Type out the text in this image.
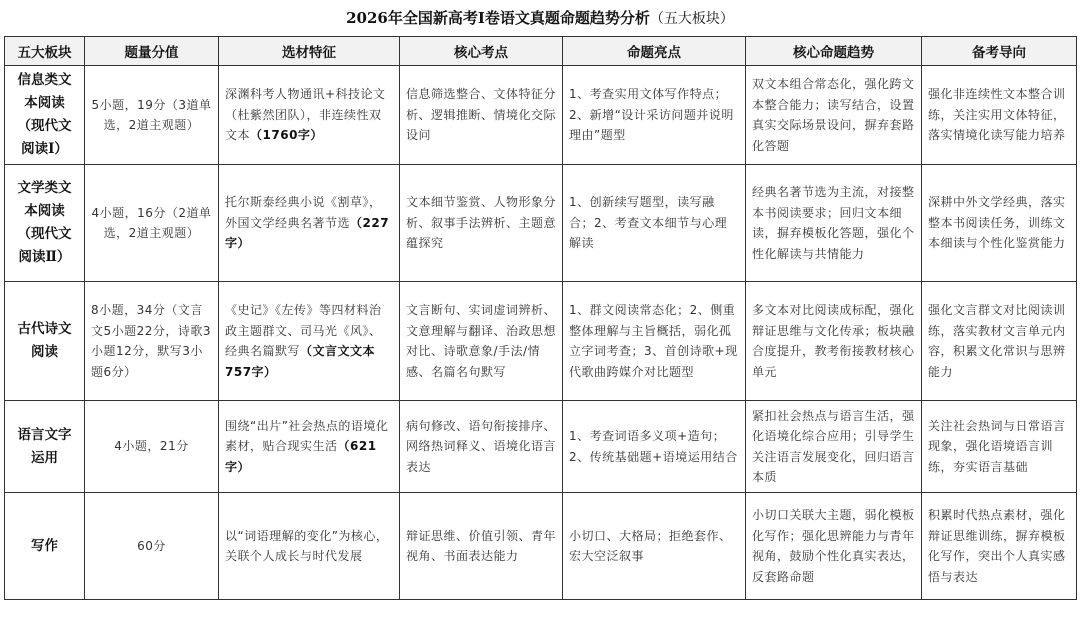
2026年全国新高考Ⅰ卷语文真题命题趋势分析（五大板块）
五大板块	题量分值	选材特征	核心考点	命题亮点	核心命题趋势	备考导向
信息类文本阅读（现代文阅读Ⅰ）	5小题，19分（3道单选，2道主观题）	深渊科考人物通讯+科技论文（杜紫然团队），非连续性双文本（1760字）	信息筛选整合、文体特征分析、逻辑推断、情境化交际设问	1、考查实用文体写作特点；2、新增“设计采访问题并说明理由”题型	双文本组合常态化，强化跨文本整合能力；读写结合，设置真实交际场景设问，摒弃套路化答题	强化非连续性文本整合训练，关注实用文体特征，落实情境化读写能力培养
文学类文本阅读（现代文阅读Ⅱ）	4小题，16分（2道单选，2道主观题）	托尔斯泰经典小说《割草》，外国文学经典名著节选（227字）	文本细节鉴赏、人物形象分析、叙事手法辨析、主题意蕴探究	1、创新续写题型，读写融合；2、考查文本细节与心理解读	经典名著节选为主流，对接整本书阅读要求；回归文本细读，摒弃模板化答题，强化个性化解读与共情能力	深耕中外文学经典，落实整本书阅读任务，训练文本细读与个性化鉴赏能力
古代诗文阅读	8小题，34分（文言文5小题22分，诗歌3小题12分，默写3小题6分）	《史记》《左传》等四材料治政主题群文、司马光《风》、经典名篇默写（文言文文本757字）	文言断句、实词虚词辨析、文意理解与翻译、治政思想对比、诗歌意象/手法/情感、名篇名句默写	1、群文阅读常态化；2、侧重整体理解与主旨概括，弱化孤立字词考查；3、首创诗歌+现代歌曲跨媒介对比题型	多文本对比阅读成标配，强化辩证思维与文化传承；板块融合度提升，教考衔接教材核心单元	强化文言群文对比阅读训练，落实教材文言单元内容，积累文化常识与思辨能力
语言文字运用	4小题，21分	围绕“出片”社会热点的语境化素材，贴合现实生活（621字）	病句修改、语句衔接排序、网络热词释义、语境化语言表达	1、考查词语多义项+造句；2、传统基础题+语境运用结合	紧扣社会热点与语言生活，强化语境化综合应用；引导学生关注语言发展变化，回归语言本质	关注社会热词与日常语言现象，强化语境语言训练，夯实语言基础
写作	60分	以“词语理解的变化”为核心，关联个人成长与时代发展	辩证思维、价值引领、青年视角、书面表达能力	小切口、大格局；拒绝套作、宏大空泛叙事	小切口关联大主题，弱化模板化写作；强化思辨能力与青年视角，鼓励个性化真实表达，反套路命题	积累时代热点素材，强化辩证思维训练，摒弃模板化写作，突出个人真实感悟与表达
